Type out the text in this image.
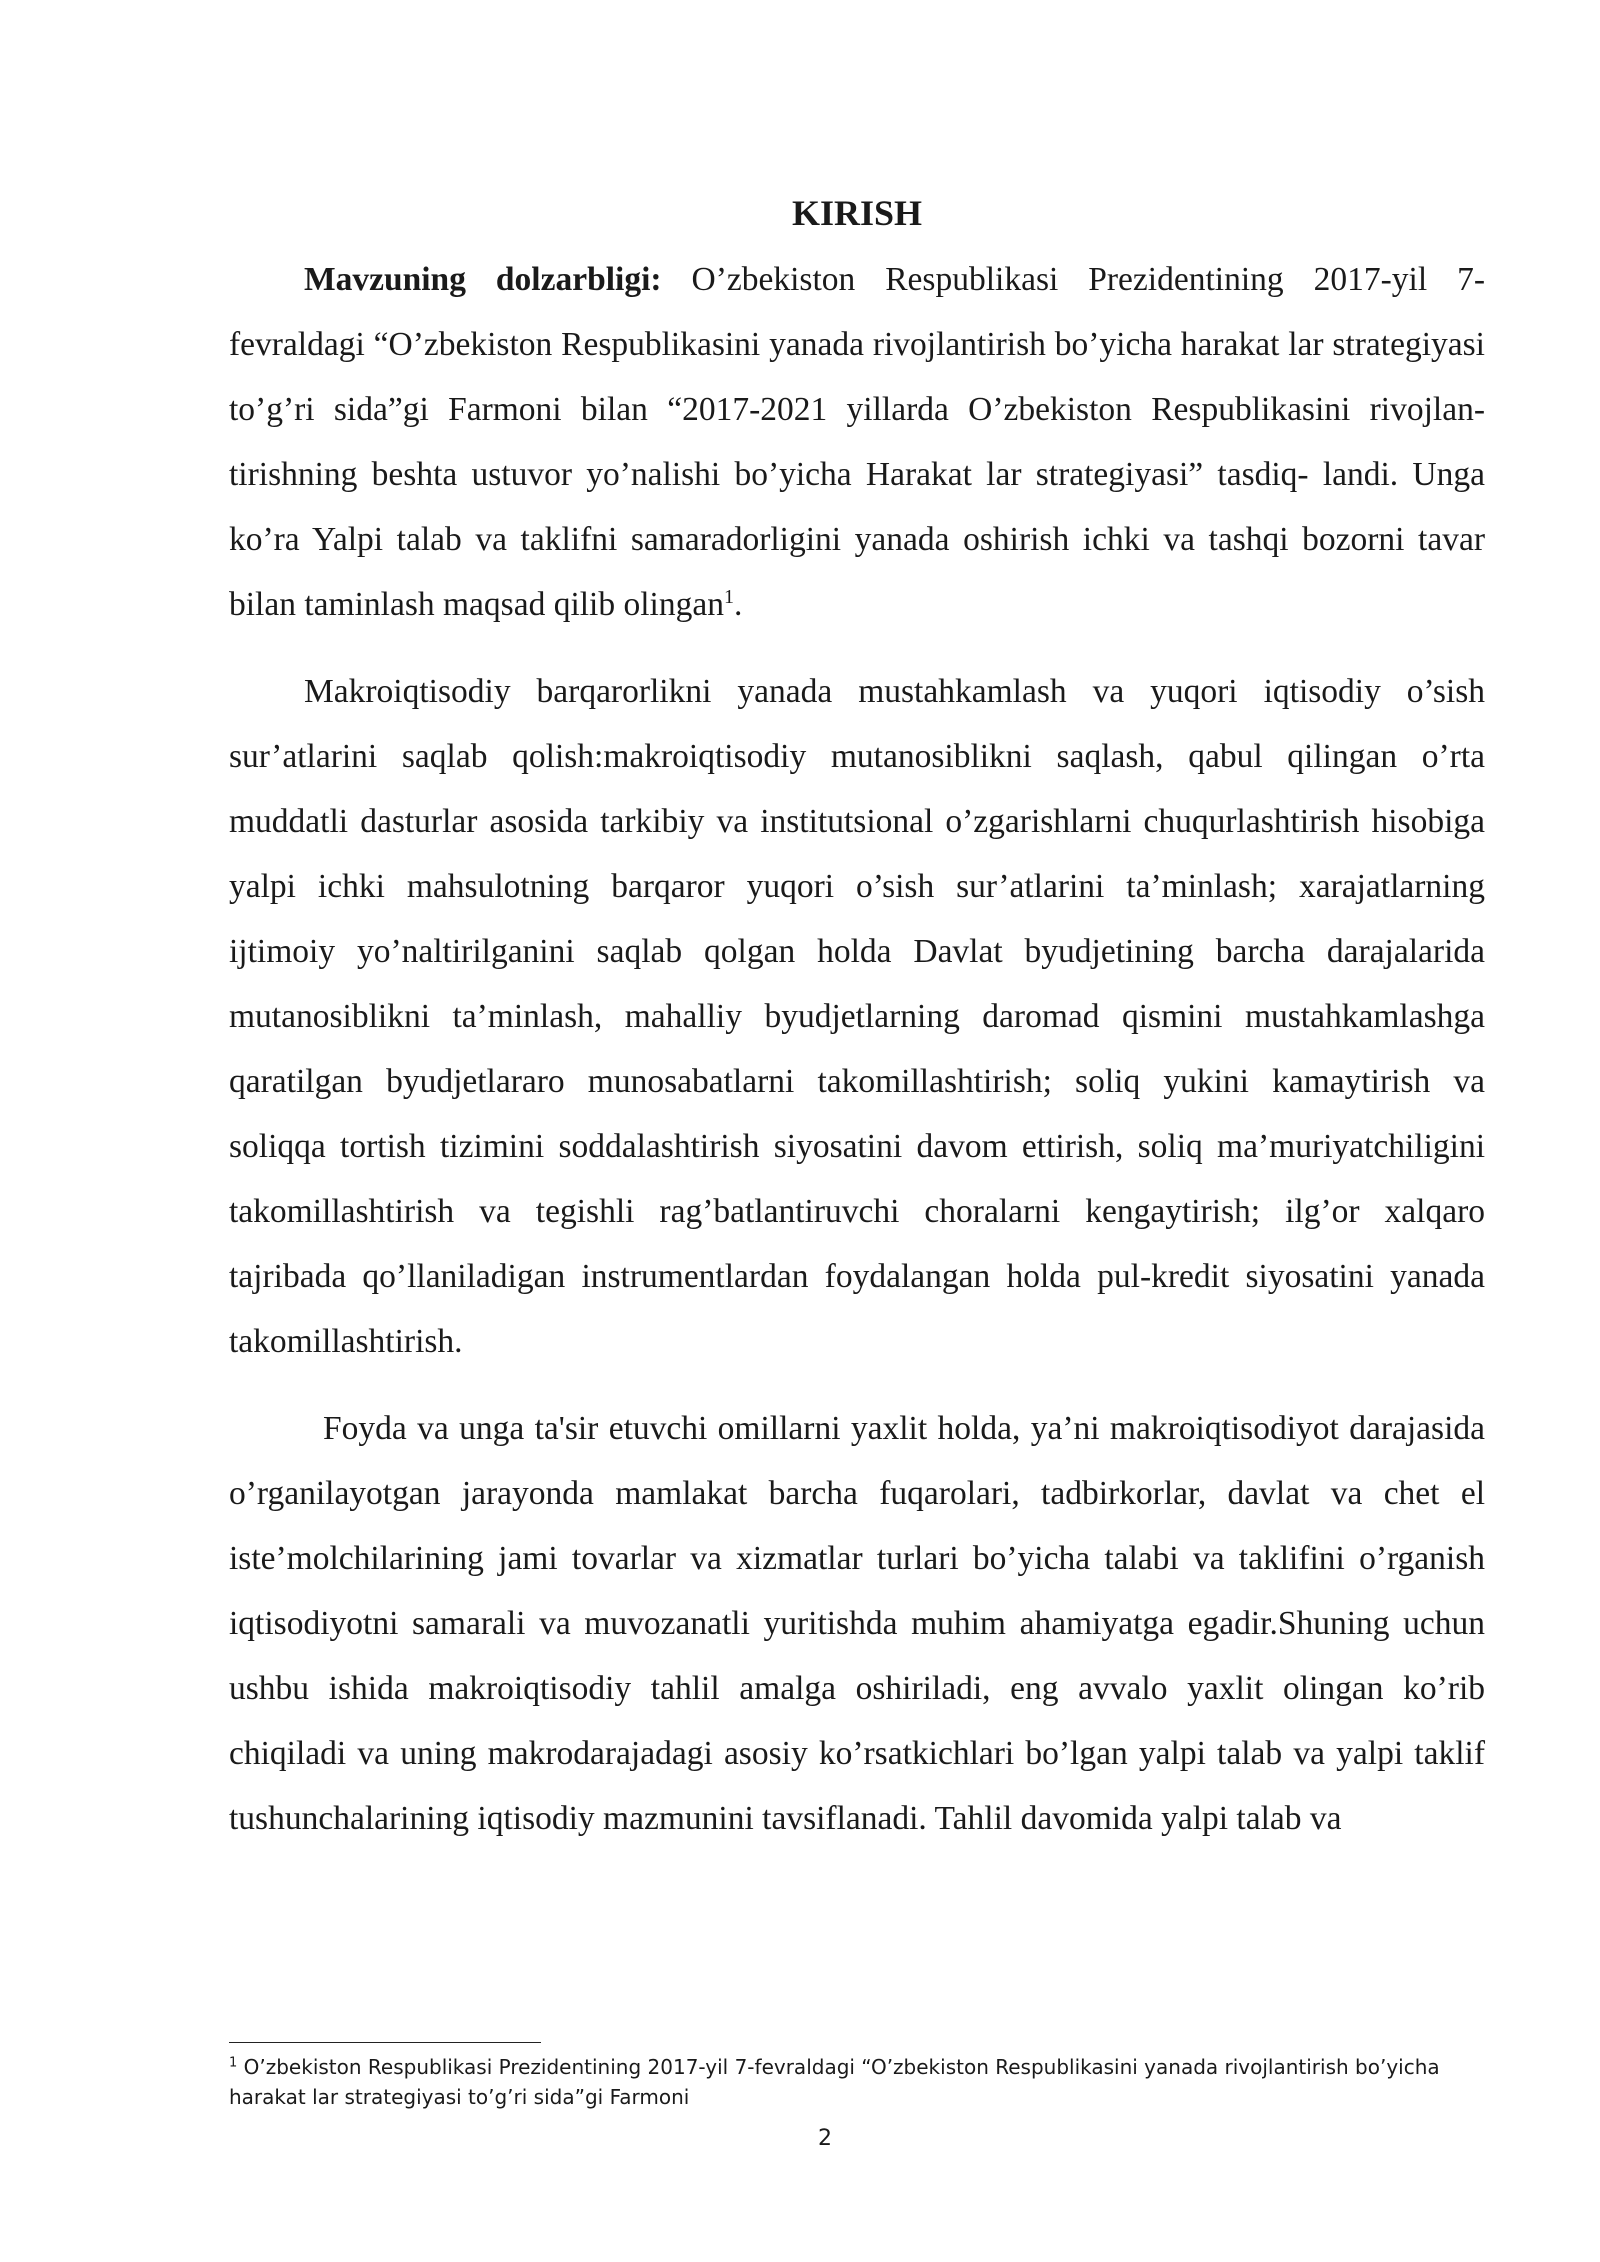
KIRISH

Mavzuning dolzarbligi: O’zbekiston Respublikasi Prezidentining 2017-yil 7-fevraldagi “O’zbekiston Respublikasini yanada rivojlantirish bo’yicha harakat lar strategiyasi to’g’ri sida”gi Farmoni bilan “2017-2021 yillarda O’zbekiston Respublikasini rivojlan- tirishning beshta ustuvor yo’nalishi bo’yicha Harakat lar strategiyasi” tasdiq- landi. Unga ko’ra Yalpi talab va taklifni samaradorligini yanada oshirish ichki va tashqi bozorni tavar bilan taminlash maqsad qilib olingan$^1$.

Makroiqtisodiy barqarorlikni yanada mustahkamlash va yuqori iqtisodiy o’sish sur’atlarini saqlab qolish:makroiqtisodiy mutanosiblikni saqlash, qabul qilingan o’rta muddatli dasturlar asosida tarkibiy va institutsional o’zgarishlarni chuqurlashtirish hisobiga yalpi ichki mahsulotning barqaror yuqori o’sish sur’atlarini ta’minlash; xarajatlarning ijtimoiy yo’naltirilganini saqlab qolgan holda Davlat byudjetining barcha darajalarida mutanosiblikni ta’minlash, mahalliy byudjetlarning daromad qismini mustahkamlashga qaratilgan byudjetlararo munosabatlarni takomillashtirish; soliq yukini kamaytirish va soliqqa tortish tizimini soddalashtirish siyosatini davom ettirish, soliq ma’muriyatchiligini takomillashtirish va tegishli rag’batlantiruvchi choralarni kengaytirish; ilg’or xalqaro tajribada qo’llaniladigan instrumentlardan foydalangan holda pul-kredit siyosatini yanada takomillashtirish.

Foyda va unga ta'sir etuvchi omillarni yaxlit holda, ya’ni makroiqtisodiyot darajasida o’rganilayotgan jarayonda mamlakat barcha fuqarolari, tadbirkorlar, davlat va chet el iste’molchilarining jami tovarlar va xizmatlar turlari bo’yicha talabi va taklifini o’rganish iqtisodiyotni samarali va muvozanatli yuritishda muhim ahamiyatga egadir.Shuning uchun ushbu ishida makroiqtisodiy tahlil amalga oshiriladi, eng avvalo yaxlit olingan ko’rib chiqiladi va uning makrodarajadagi asosiy ko’rsatkichlari bo’lgan yalpi talab va yalpi taklif tushunchalarining iqtisodiy mazmunini tavsiflanadi. Tahlil davomida yalpi talab va

$^1$ O’zbekiston Respublikasi Prezidentining 2017-yil 7-fevraldagi “O’zbekiston Respublikasini yanada rivojlantirish bo’yicha harakat lar strategiyasi to’g’ri sida”gi Farmoni
2
